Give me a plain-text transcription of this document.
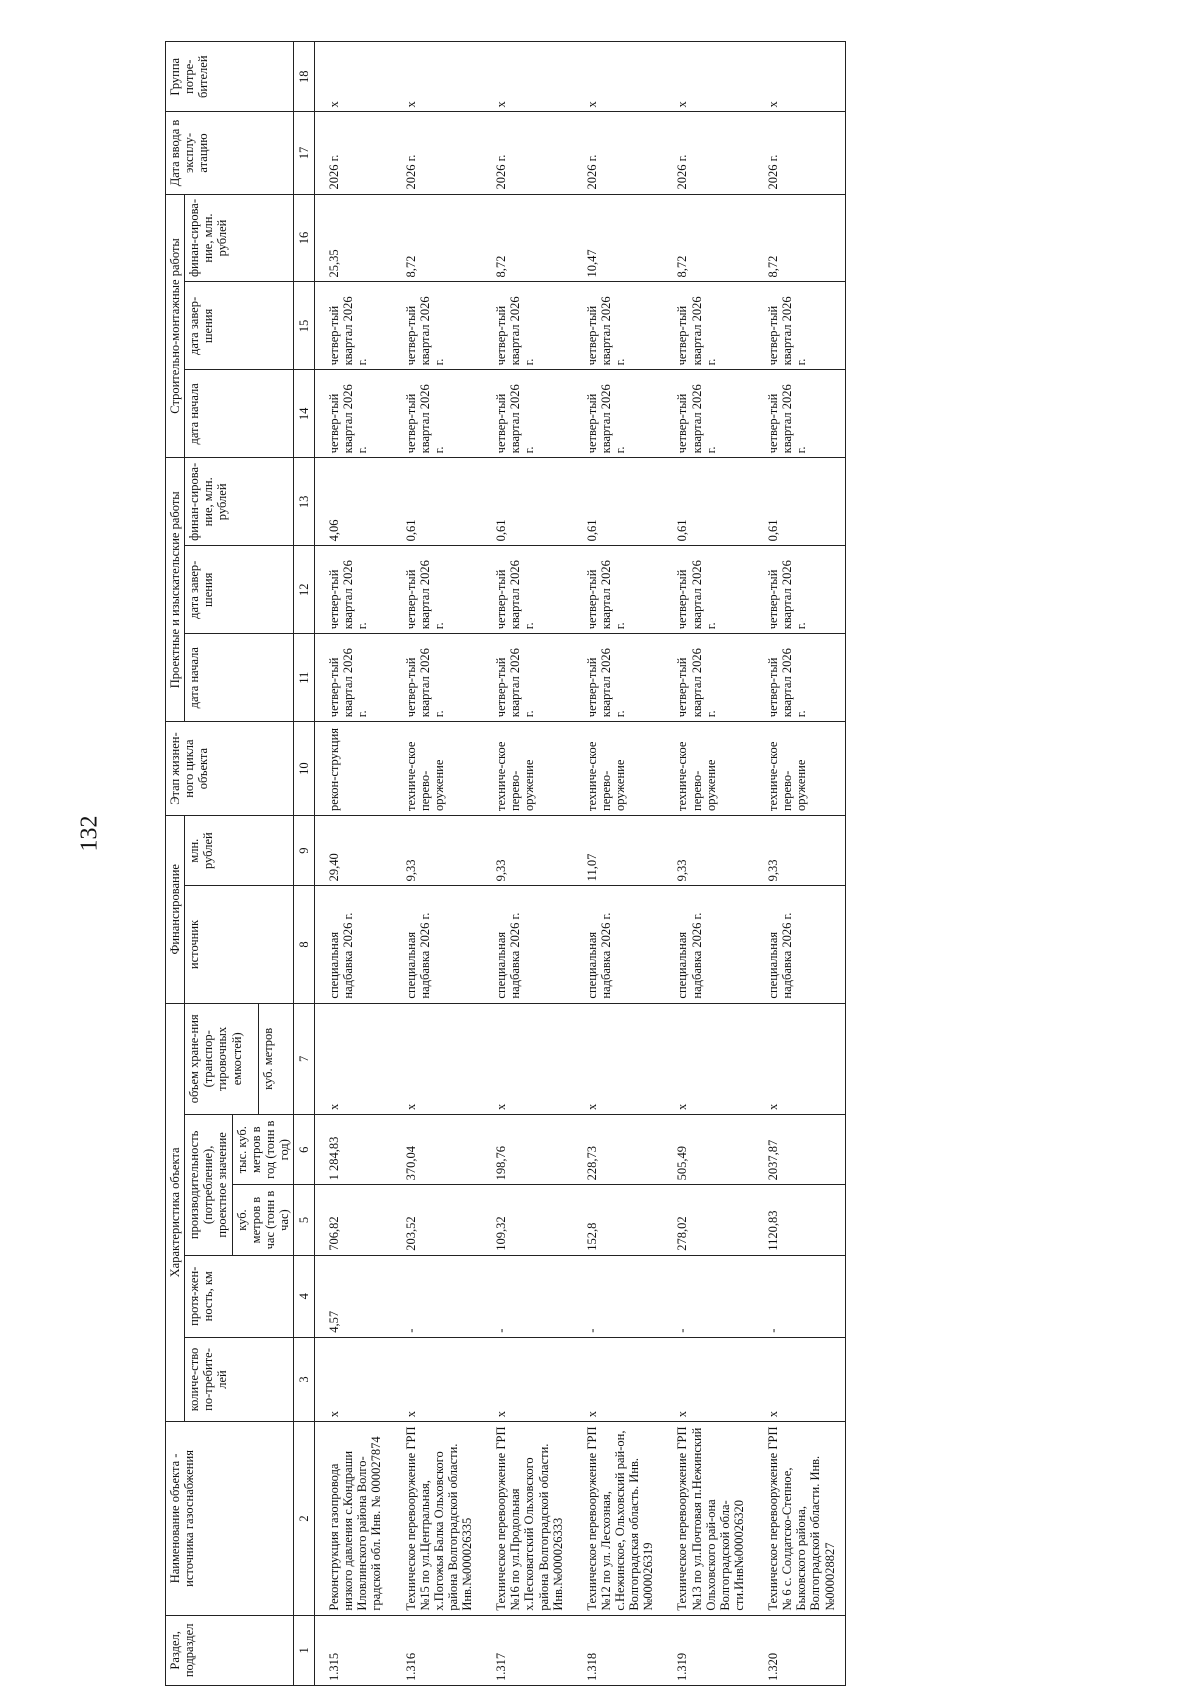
132
Раздел, подраздел	Наименование объекта - источника газоснабжения	Характеристика объекта					Финансирование		Этап жизнен-ного цикла объекта	Проектные и изыскательские работы			Строительно-монтажные работы			Дата ввода в эксплу-атацию	Группа потре-бителей
		количе-ство по-требите-лей	протя-жен-ность, км	производительность (потребление), проектное значение		объем хране-ния (транспор-тировочных емкостей)	источник	млн. рублей		дата начала	дата завер-шения	финан-сирова-ние, млн. рублей	дата начала	дата завер-шения	финан-сирова-ние, млн. рублей		
				куб. метров в час (тонн в час)	тыс. куб. метров в год (тонн в год)												
						куб. метров											
1	2	3	4	5	6	7	8	9	10	11	12	13	14	15	16	17	18
1.315	Реконструкция газопровода низкого давления с.Кондраши Иловлинского района Волго-градской обл. Инв. № 000027874	х	4,57	706,82	1 284,83	х	специальная надбавка 2026 г.	29,40	рекон-струкция	четвер-тый квартал 2026 г.	четвер-тый квартал 2026 г.	4,06	четвер-тый квартал 2026 г.	четвер-тый квартал 2026 г.	25,35	2026 г.	х
1.316	Техническое перевооружение ГРП №15 по ул.Центральная, х.Погожья Балка Ольховского района Волгоградской области. Инв.№000026335	х	-	203,52	370,04	х	специальная надбавка 2026 г.	9,33	техниче-ское перево-оружение	четвер-тый квартал 2026 г.	четвер-тый квартал 2026 г.	0,61	четвер-тый квартал 2026 г.	четвер-тый квартал 2026 г.	8,72	2026 г.	х
1.317	Техническое перевооружение ГРП №16 по ул.Продольная х.Песковатский Ольховского района Волгоградской области. Инв.№000026333	х	-	109,32	198,76	х	специальная надбавка 2026 г.	9,33	техниче-ское перево-оружение	четвер-тый квартал 2026 г.	четвер-тый квартал 2026 г.	0,61	четвер-тый квартал 2026 г.	четвер-тый квартал 2026 г.	8,72	2026 г.	х
1.318	Техническое перевооружение ГРП №12 по ул. Лесхозная, с.Нежинское, Ольховский рай-он, Волгоградская область. Инв.№000026319	х	-	152,8	228,73	х	специальная надбавка 2026 г.	11,07	техниче-ское перево-оружение	четвер-тый квартал 2026 г.	четвер-тый квартал 2026 г.	0,61	четвер-тый квартал 2026 г.	четвер-тый квартал 2026 г.	10,47	2026 г.	х
1.319	Техническое перевооружение ГРП №13 по ул.Почтовая п.Нежинский Ольховского рай-она Волгоградской обла-сти.Инв№000026320	х	-	278,02	505,49	х	специальная надбавка 2026 г.	9,33	техниче-ское перево-оружение	четвер-тый квартал 2026 г.	четвер-тый квартал 2026 г.	0,61	четвер-тый квартал 2026 г.	четвер-тый квартал 2026 г.	8,72	2026 г.	х
1.320	Техническое перевооружение ГРП № 6 с. Солдатско-Степное, Быковского района, Волгоградской области. Инв. №000028827	х	-	1120,83	2037,87	х	специальная надбавка 2026 г.	9,33	техниче-ское перево-оружение	четвер-тый квартал 2026 г.	четвер-тый квартал 2026 г.	0,61	четвер-тый квартал 2026 г.	четвер-тый квартал 2026 г.	8,72	2026 г.	х
